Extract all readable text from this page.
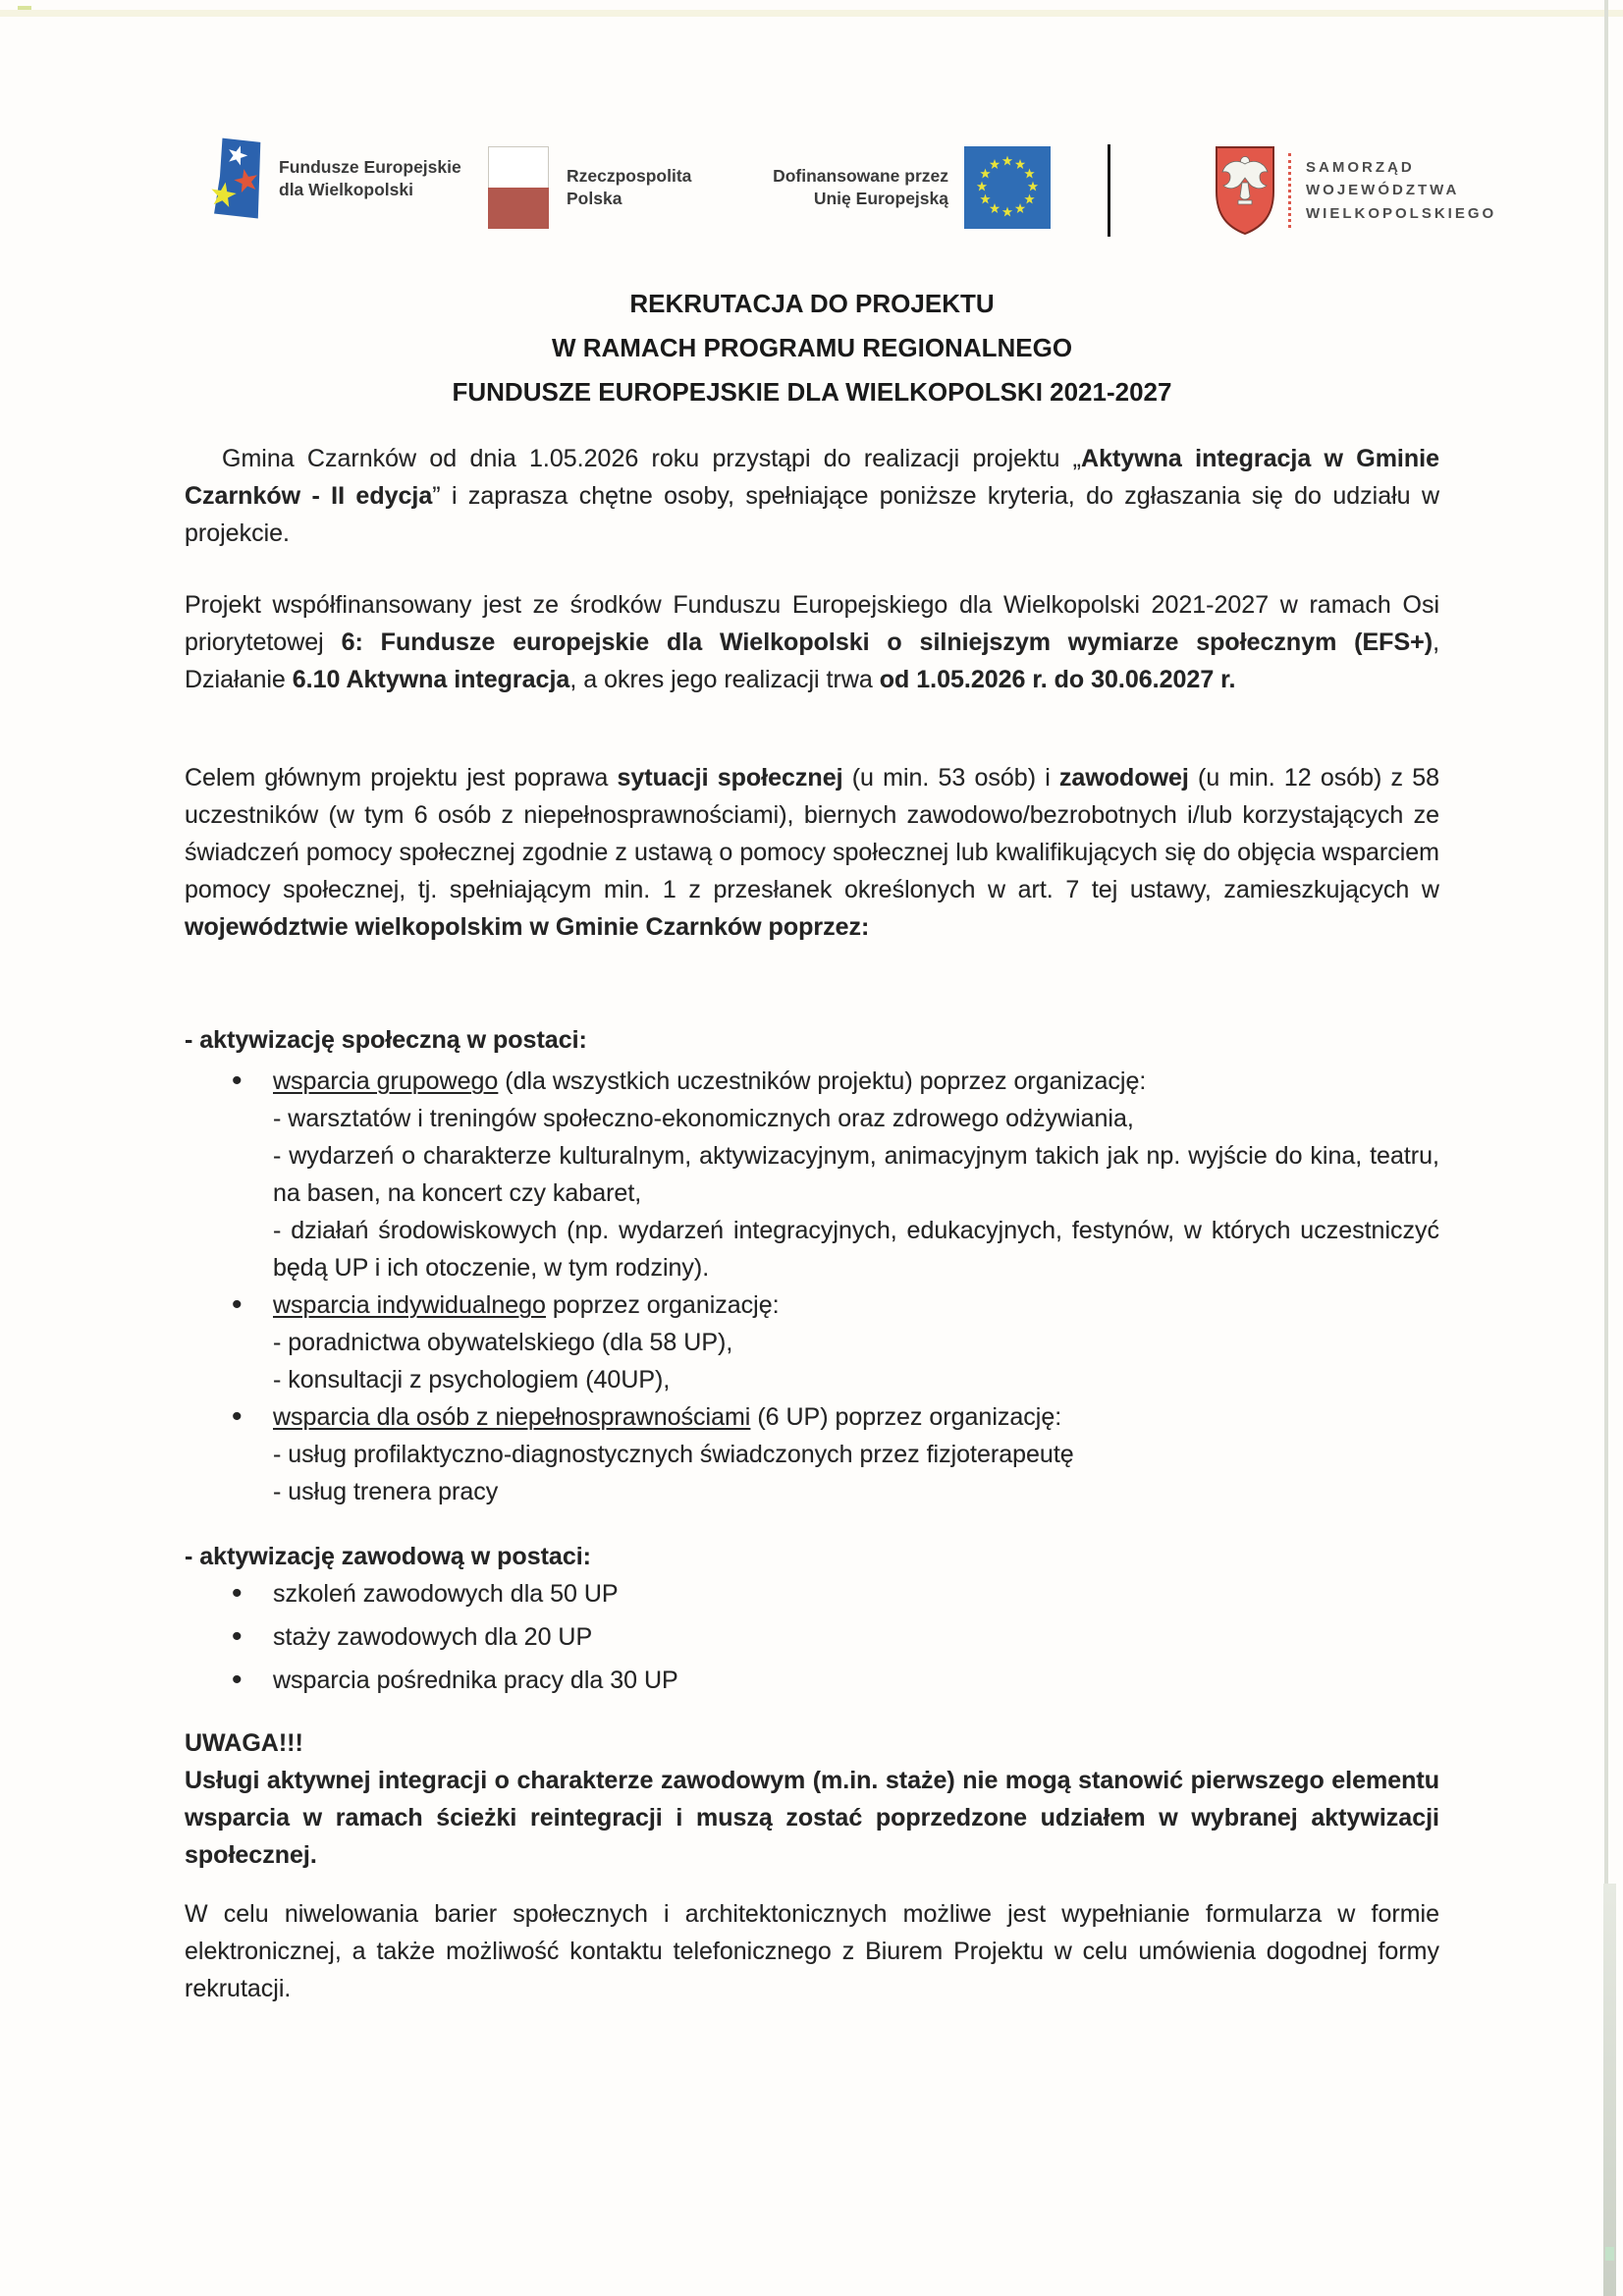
Fundusze Europejskie
dla Wielkopolski
Rzeczpospolita
Polska
Dofinansowane przez
Unię Europejską
SAMORZĄD
WOJEWÓDZTWA
WIELKOPOLSKIEGO
REKRUTACJA DO PROJEKTU
W RAMACH PROGRAMU REGIONALNEGO
FUNDUSZE EUROPEJSKIE DLA WIELKOPOLSKI 2021-2027

Gmina Czarnków od dnia 1.05.2026 roku przystąpi do realizacji projektu „Aktywna integracja w Gminie Czarnków - II edycja” i zaprasza chętne osoby, spełniające poniższe kryteria, do zgłaszania się do udziału w projekcie.

Projekt współfinansowany jest ze środków Funduszu Europejskiego dla Wielkopolski 2021-2027 w ramach Osi priorytetowej 6: Fundusze europejskie dla Wielkopolski o silniejszym wymiarze społecznym (EFS+), Działanie 6.10 Aktywna integracja, a okres jego realizacji trwa od 1.05.2026 r. do 30.06.2027 r.

Celem głównym projektu jest poprawa sytuacji społecznej (u min. 53 osób) i zawodowej (u min. 12 osób) z 58 uczestników (w tym 6 osób z niepełnosprawnościami), biernych zawodowo/bezrobotnych i/lub korzystających ze świadczeń pomocy społecznej zgodnie z ustawą o pomocy społecznej lub kwalifikujących się do objęcia wsparciem pomocy społecznej, tj. spełniającym min. 1 z przesłanek określonych w art. 7 tej ustawy, zamieszkujących w województwie wielkopolskim w Gminie Czarnków poprzez:

- aktywizację społeczną w postaci:
• wsparcia grupowego (dla wszystkich uczestników projektu) poprzez organizację:
- warsztatów i treningów społeczno-ekonomicznych oraz zdrowego odżywiania,
- wydarzeń o charakterze kulturalnym, aktywizacyjnym, animacyjnym takich jak np. wyjście do kina, teatru, na basen, na koncert czy kabaret,
- działań środowiskowych (np. wydarzeń integracyjnych, edukacyjnych, festynów, w których uczestniczyć będą UP i ich otoczenie, w tym rodziny).
• wsparcia indywidualnego poprzez organizację:
- poradnictwa obywatelskiego (dla 58 UP),
- konsultacji z psychologiem (40UP),
• wsparcia dla osób z niepełnosprawnościami (6 UP) poprzez organizację:
- usług profilaktyczno-diagnostycznych świadczonych przez fizjoterapeutę
- usług trenera pracy
- aktywizację zawodową w postaci:
• szkoleń zawodowych dla 50 UP
• staży zawodowych dla 20 UP
• wsparcia pośrednika pracy dla 30 UP
UWAGA!!!

Usługi aktywnej integracji o charakterze zawodowym (m.in. staże) nie mogą stanowić pierwszego elementu wsparcia w ramach ścieżki reintegracji i muszą zostać poprzedzone udziałem w wybranej aktywizacji społecznej.

W celu niwelowania barier społecznych i architektonicznych możliwe jest wypełnianie formularza w formie elektronicznej, a także możliwość kontaktu telefonicznego z Biurem Projektu w celu umówienia dogodnej formy rekrutacji.
